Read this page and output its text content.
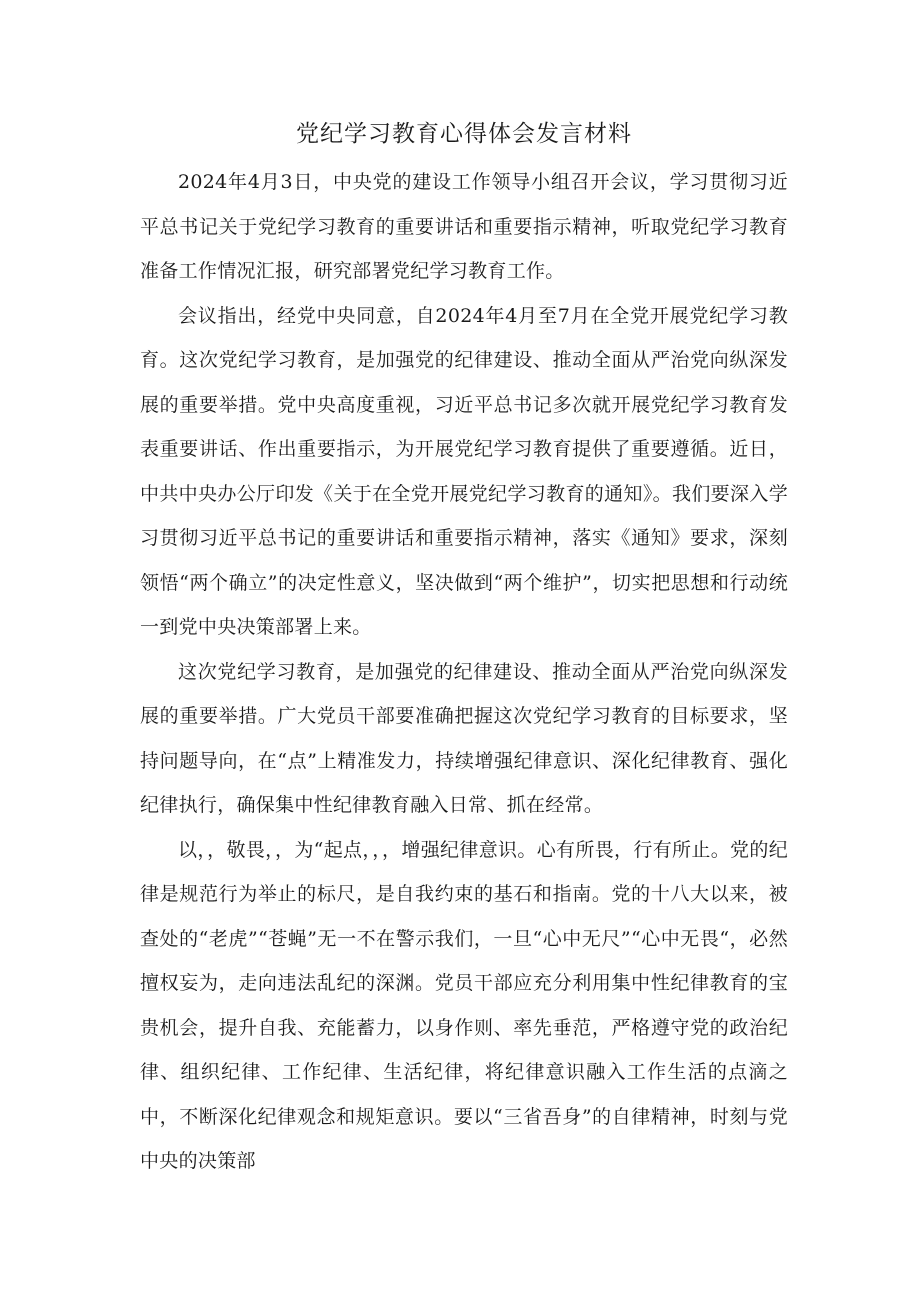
党纪学习教育心得体会发言材料

2024年4月3日，中央党的建设工作领导小组召开会议，学习贯彻习近平总书记关于党纪学习教育的重要讲话和重要指示精神，听取党纪学习教育准备工作情况汇报，研究部署党纪学习教育工作。

会议指出，经党中央同意，自2024年4月至7月在全党开展党纪学习教育。这次党纪学习教育，是加强党的纪律建设、推动全面从严治党向纵深发展的重要举措。党中央高度重视，习近平总书记多次就开展党纪学习教育发表重要讲话、作出重要指示，为开展党纪学习教育提供了重要遵循。近日，中共中央办公厅印发《关于在全党开展党纪学习教育的通知》。我们要深入学习贯彻习近平总书记的重要讲话和重要指示精神，落实《通知》要求，深刻领悟“两个确立”的决定性意义，坚决做到“两个维护”，切实把思想和行动统一到党中央决策部署上来。

这次党纪学习教育，是加强党的纪律建设、推动全面从严治党向纵深发展的重要举措。广大党员干部要准确把握这次党纪学习教育的目标要求，坚持问题导向，在“点”上精准发力，持续增强纪律意识、深化纪律教育、强化纪律执行，确保集中性纪律教育融入日常、抓在经常。

以，，敬畏，，为“起点，，，增强纪律意识。心有所畏，行有所止。党的纪律是规范行为举止的标尺，是自我约束的基石和指南。党的十八大以来，被查处的“老虎”“苍蝇”无一不在警示我们，一旦“心中无尺”“心中无畏“，必然擅权妄为，走向违法乱纪的深渊。党员干部应充分利用集中性纪律教育的宝贵机会，提升自我、充能蓄力，以身作则、率先垂范，严格遵守党的政治纪律、组织纪律、工作纪律、生活纪律，将纪律意识融入工作生活的点滴之中，不断深化纪律观念和规矩意识。要以“三省吾身”的自律精神，时刻与党中央的决策部
